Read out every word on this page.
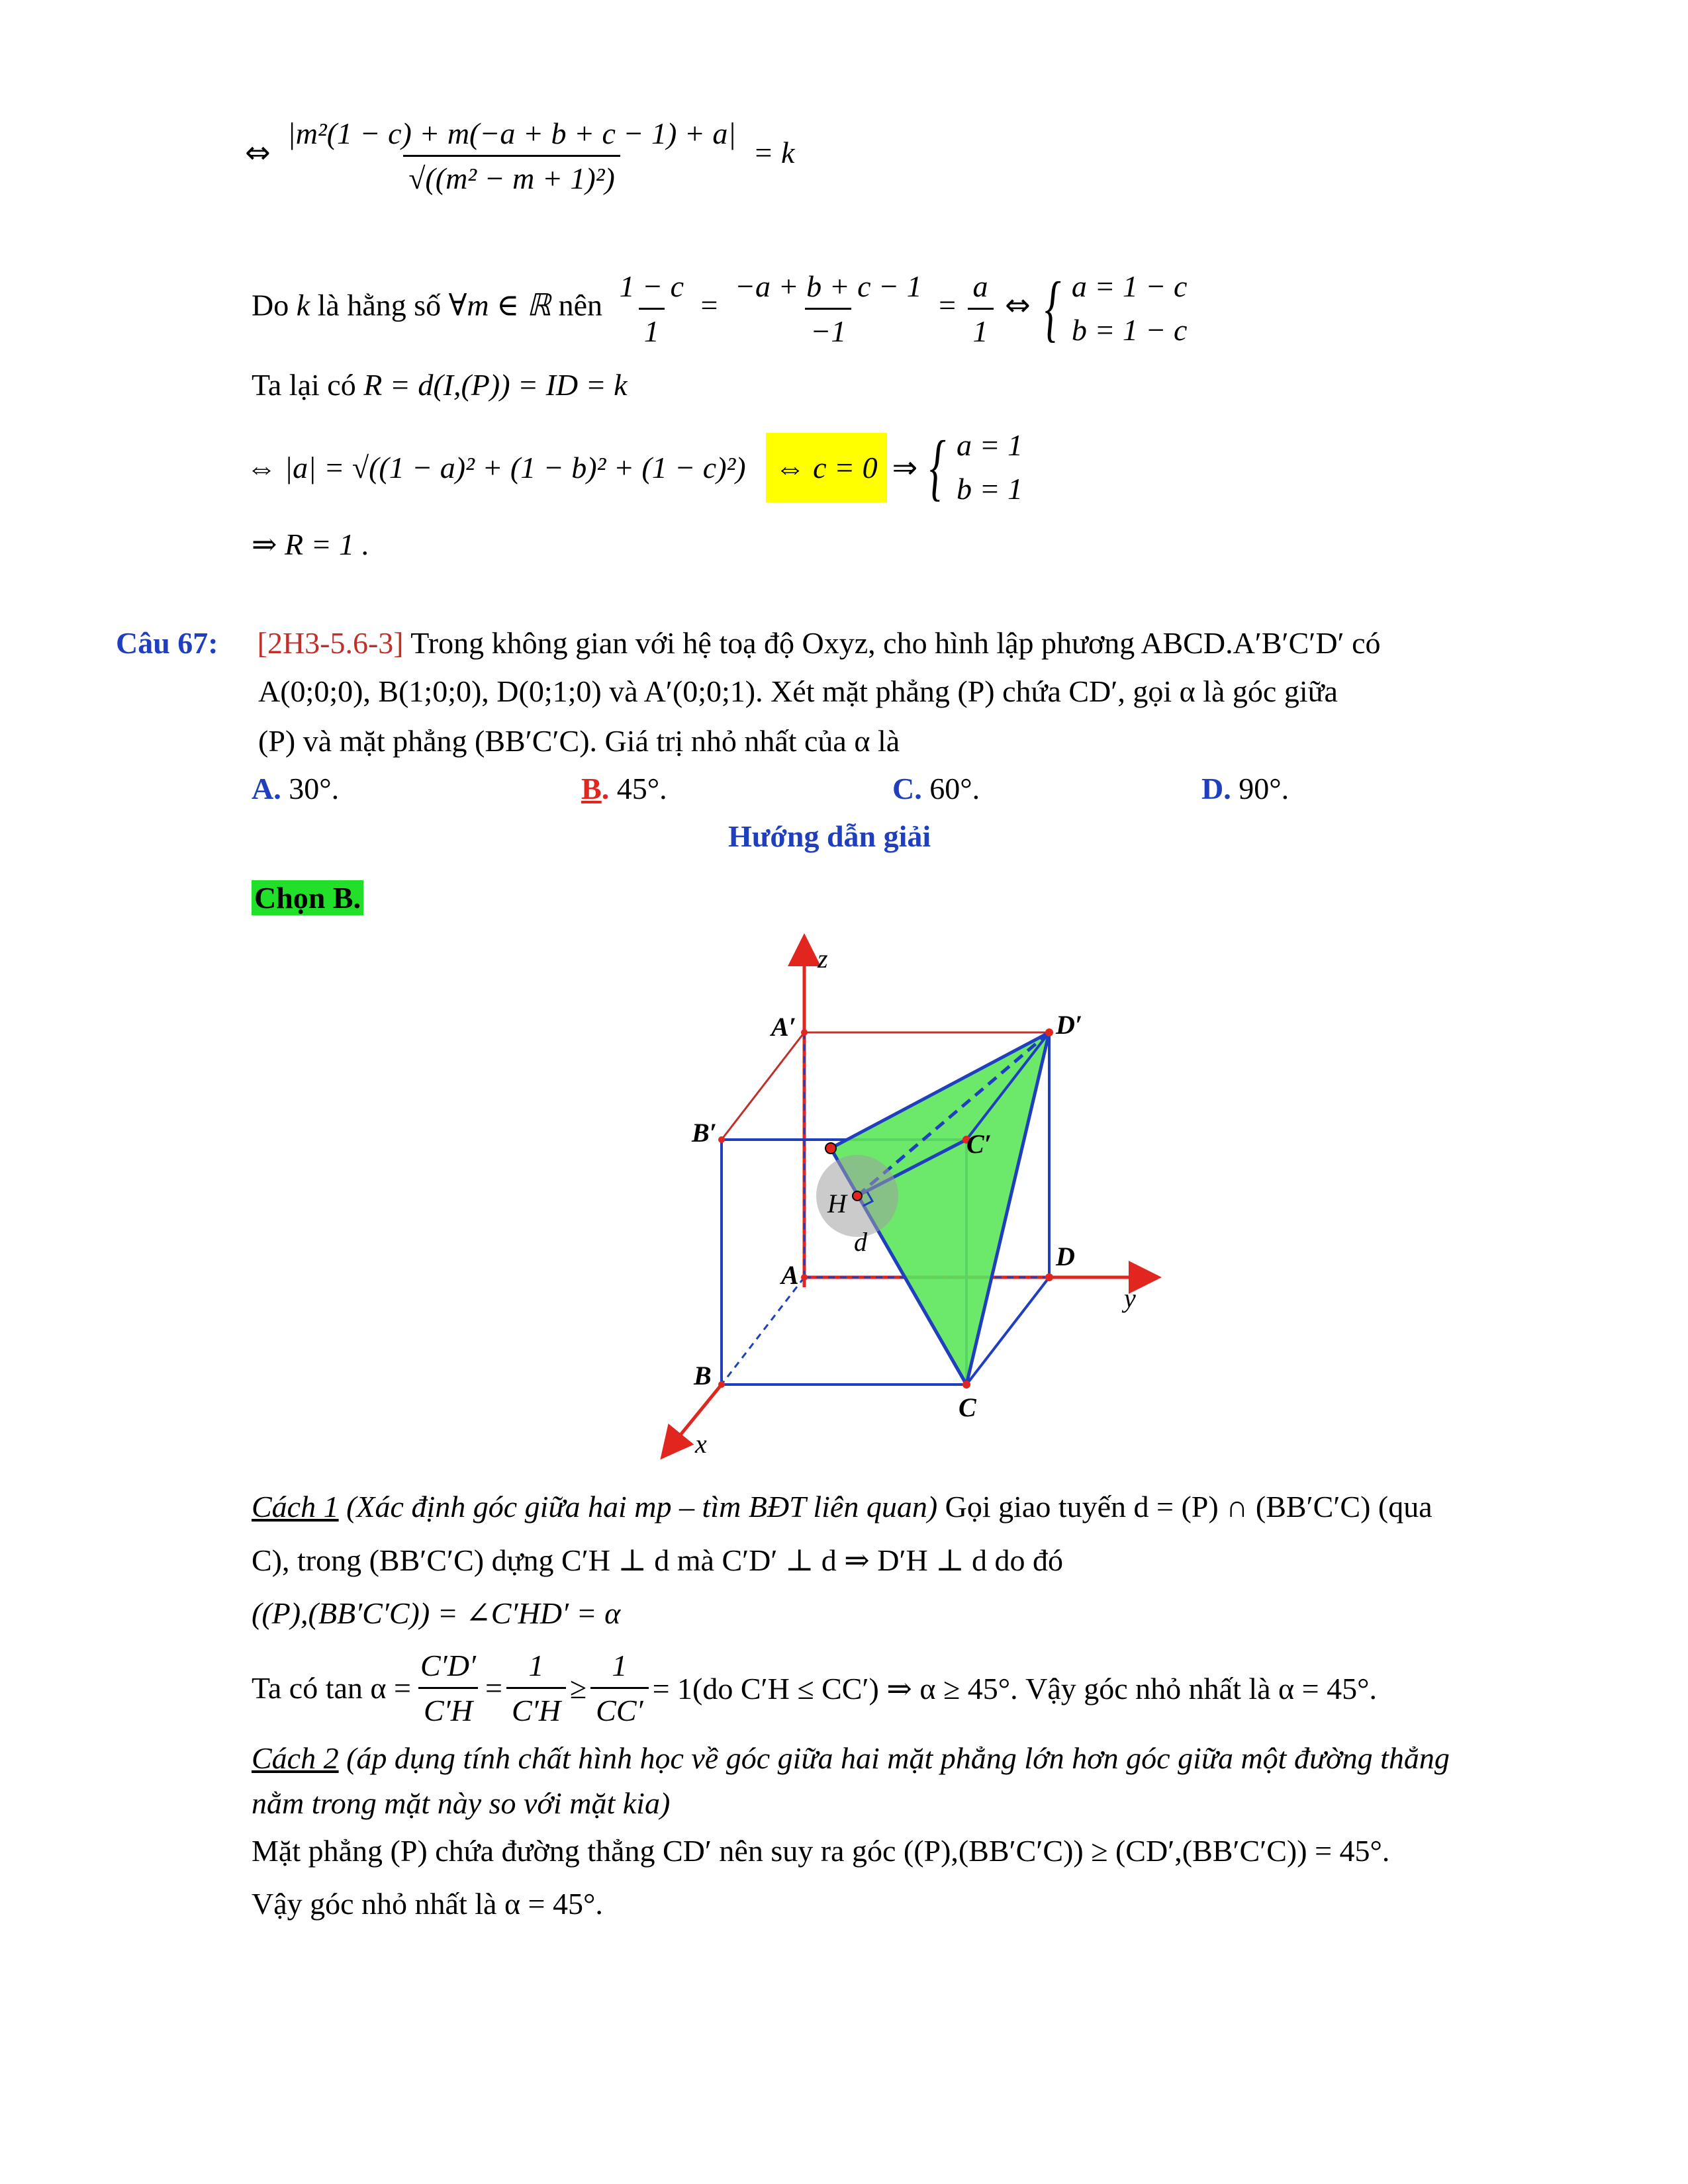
⇔ $\frac{\text{|m²(1 − c) + m(−a + b + c − 1) + a|}}{\text{√((m² − m + 1)²)}} = k$
Do k là hằng số ∀m ∈ ℝ nên $\frac{1 - c}{1} = \frac{-a + b + c - 1}{-1} = \frac{a}{1}$ ⇔ { a = 1 − c
b = 1 − c
Ta lại có R = d(I,(P)) = ID = k
⇔ |a| = √((1 − a)² + (1 − b)² + (1 − c)²) ⇔ c = 0 ⇒ { a = 1
b = 1
⇒ R = 1 .
Câu 67: [2H3-5.6-3] Trong không gian với hệ toạ độ Oxyz, cho hình lập phương ABCD.A′B′C′D′ có
A(0;0;0), B(1;0;0), D(0;1;0) và A′(0;0;1). Xét mặt phẳng (P) chứa CD′, gọi α là góc giữa
(P) và mặt phẳng (BB′C′C). Giá trị nhỏ nhất của α là
A. 30°.	B. 45°.	C. 60°.	D. 90°.
Hướng dẫn giải
Chọn B.
z
y
x
A′	D′
B′	C′
H
d
A
D
B
C
Cách 1 (Xác định góc giữa hai mp – tìm BĐT liên quan) Gọi giao tuyến d = (P) ∩ (BB′C′C) (qua
C), trong (BB′C′C) dựng C′H ⊥ d mà C′D′ ⊥ d ⇒ D′H ⊥ d do đó
((P),(BB′C′C)) = ∠C′HD′ = α
Ta có $\tan \alpha = \frac{C'D'}{C'H} = \frac{1}{C'H} \ge \frac{1}{CC'} = 1(do$ C′H ≤ CC′) ⇒ α ≥ 45°. Vậy góc nhỏ nhất là α = 45°.
Cách 2 (áp dụng tính chất hình học về góc giữa hai mặt phẳng lớn hơn góc giữa một đường thẳng
nằm trong mặt này so với mặt kia)
Mặt phẳng (P) chứa đường thẳng CD′ nên suy ra góc ((P),(BB′C′C)) ≥ (CD′,(BB′C′C)) = 45°.
Vậy góc nhỏ nhất là α = 45°.
